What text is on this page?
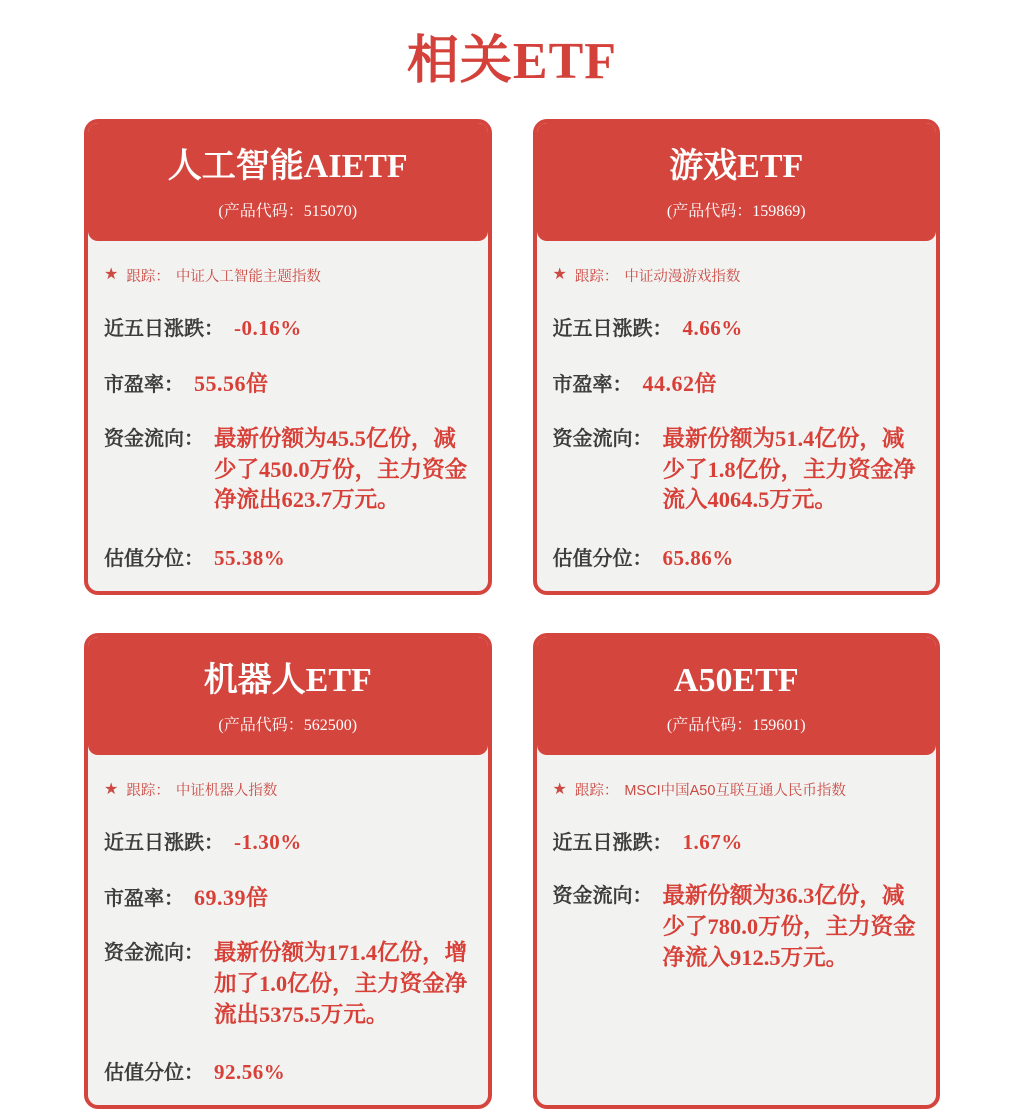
相关ETF
人工智能AIETF
(产品代码：515070)
★ 跟踪： 中证人工智能主题指数
近五日涨跌： -0.16%
市盈率： 55.56倍
资金流向： 最新份额为45.5亿份，减少了450.0万份，主力资金净流出623.7万元。
估值分位： 55.38%
游戏ETF
(产品代码：159869)
★ 跟踪： 中证动漫游戏指数
近五日涨跌： 4.66%
市盈率： 44.62倍
资金流向： 最新份额为51.4亿份，减少了1.8亿份，主力资金净流入4064.5万元。
估值分位： 65.86%
机器人ETF
(产品代码：562500)
★ 跟踪： 中证机器人指数
近五日涨跌： -1.30%
市盈率： 69.39倍
资金流向： 最新份额为171.4亿份，增加了1.0亿份，主力资金净流出5375.5万元。
估值分位： 92.56%
A50ETF
(产品代码：159601)
★ 跟踪： MSCI中国A50互联互通人民币指数
近五日涨跌： 1.67%
资金流向： 最新份额为36.3亿份，减少了780.0万份，主力资金净流入912.5万元。
